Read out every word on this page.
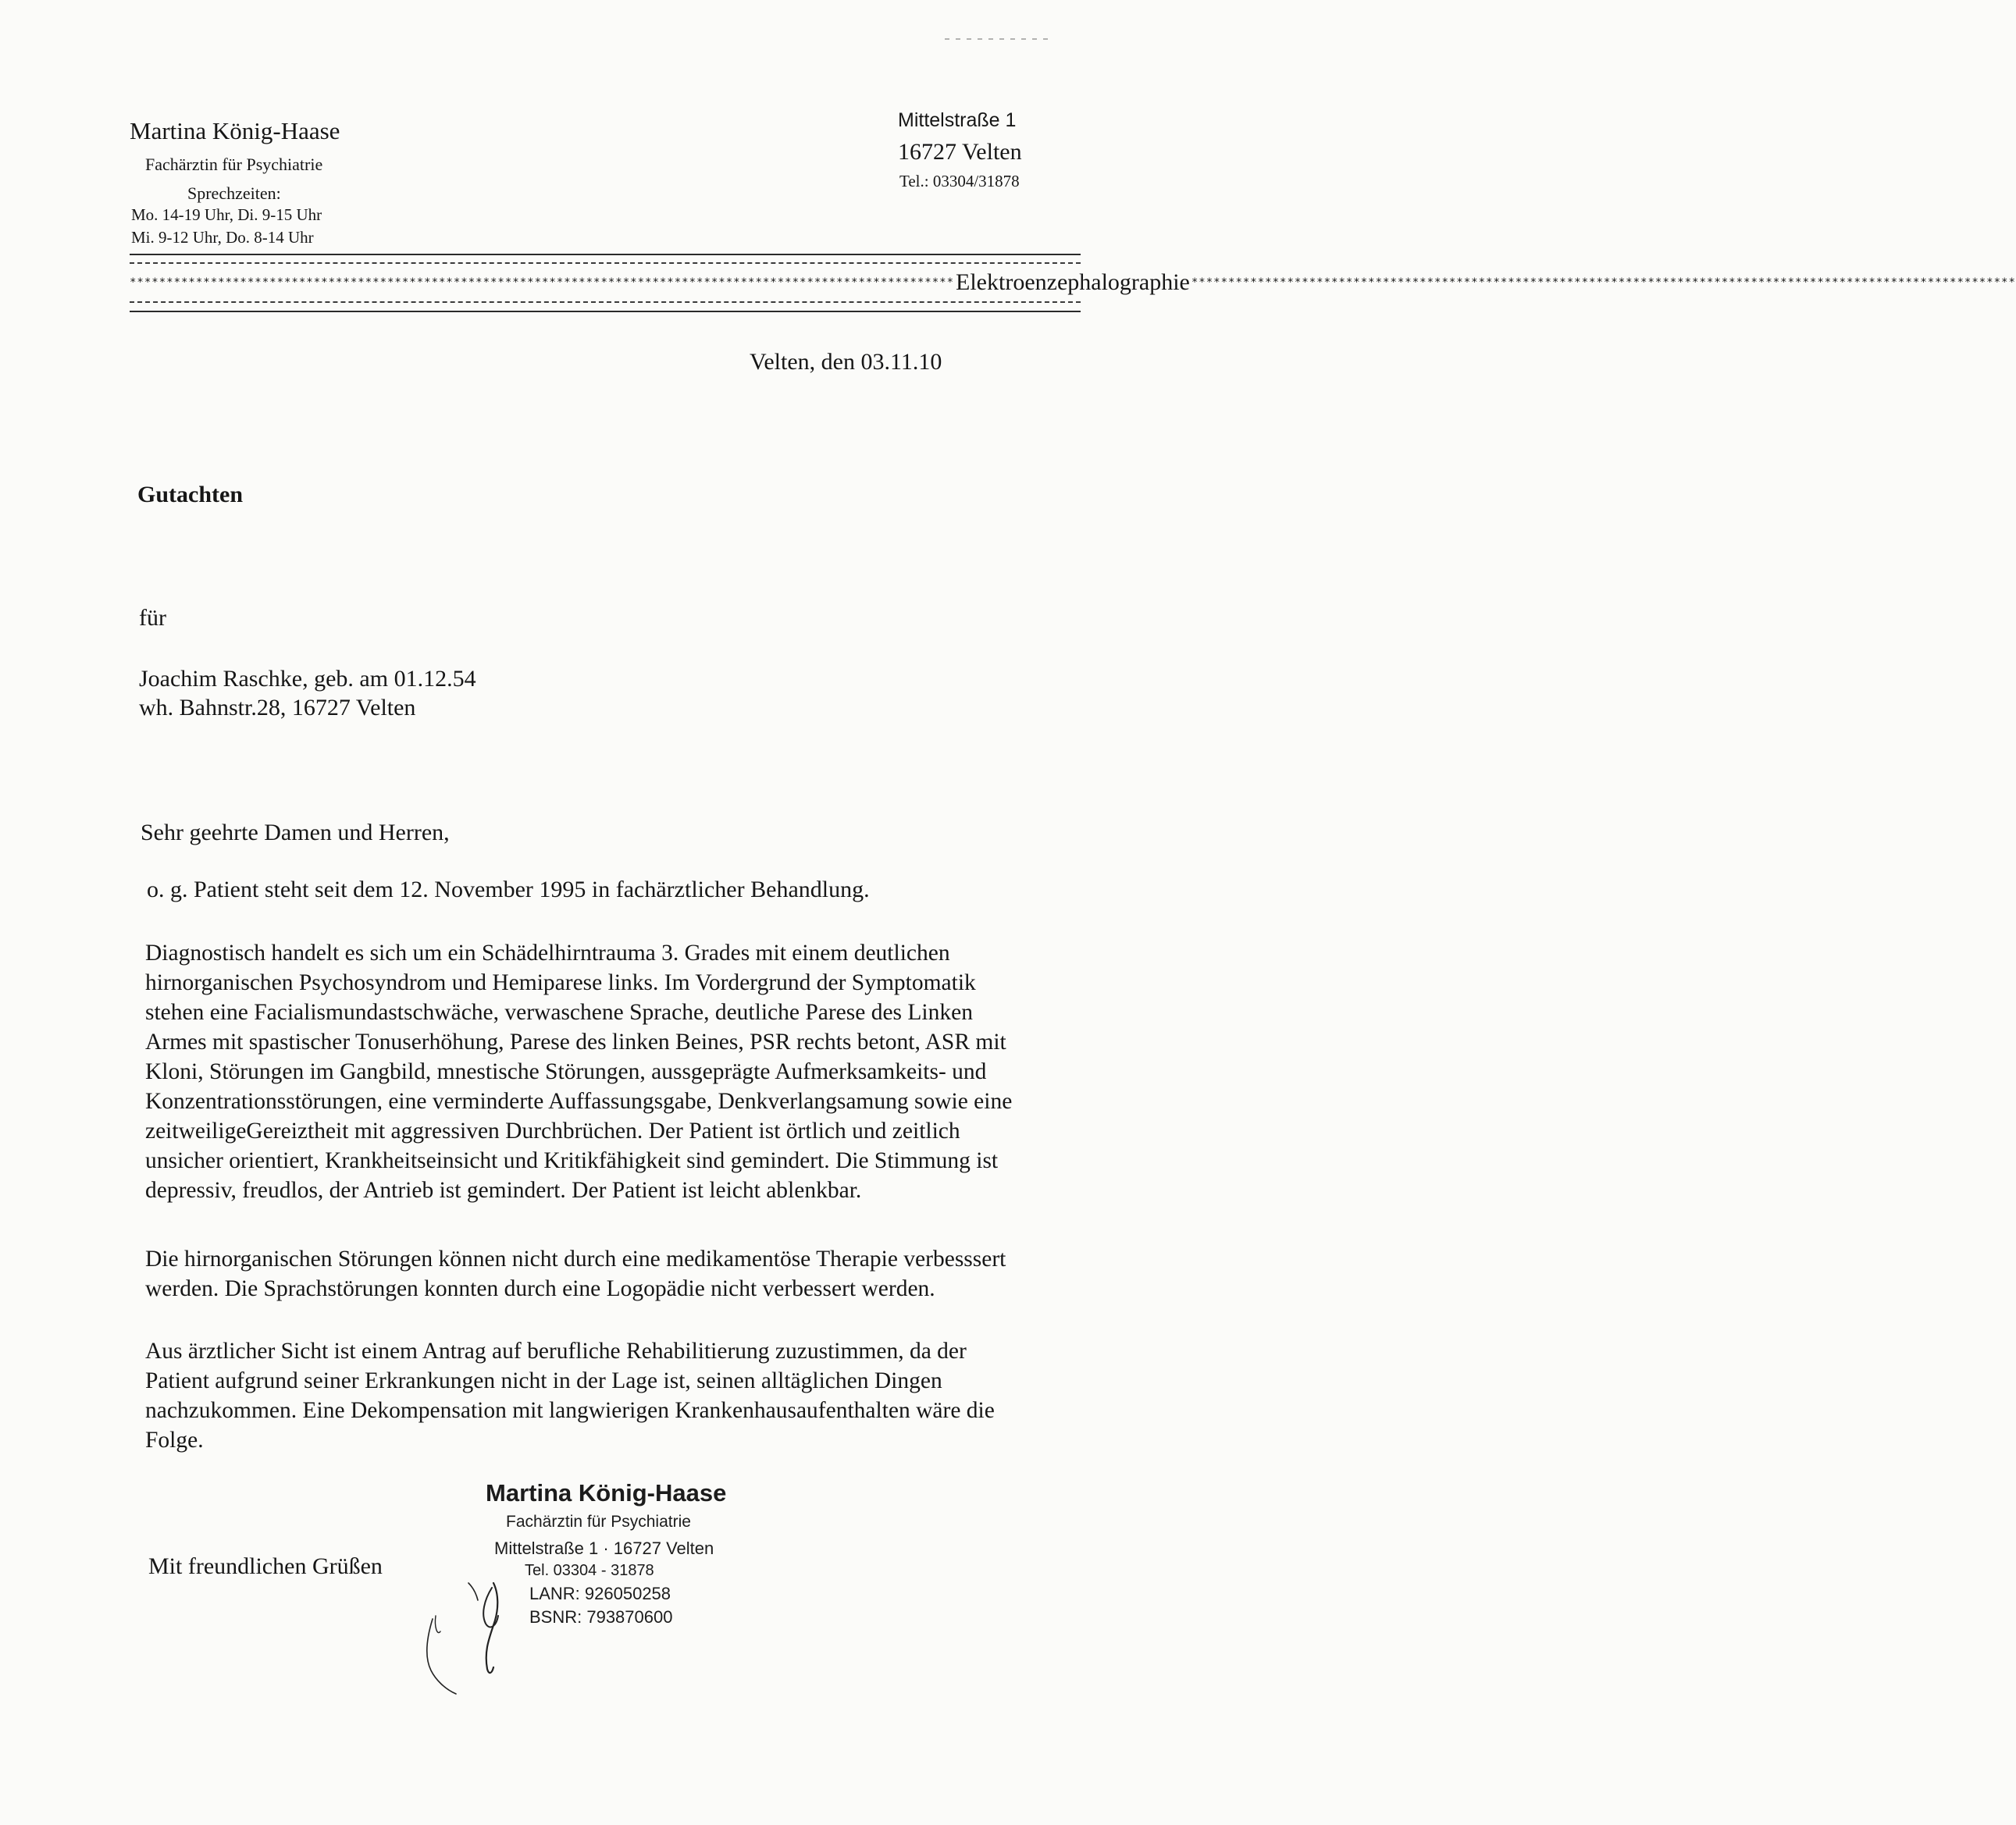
Martina König-Haase
Fachärztin für Psychiatrie
Sprechzeiten:
Mo. 14-19 Uhr, Di. 9-15 Uhr
Mi. 9-12 Uhr, Do. 8-14 Uhr
Mittelstraße 1
16727 Velten
Tel.: 03304/31878
**************************************************************************************************************** Elektroenzephalographie ****************************************************************************************************************
Velten, den 03.11.10
Gutachten
für
Joachim Raschke, geb. am 01.12.54
wh. Bahnstr.28, 16727 Velten
Sehr geehrte Damen und Herren,
o. g. Patient steht seit dem 12. November 1995 in fachärztlicher Behandlung.
Diagnostisch handelt es sich um ein Schädelhirntrauma 3. Grades mit einem deutlichen
hirnorganischen Psychosyndrom und Hemiparese links. Im Vordergrund der Symptomatik
stehen eine Facialismundastschwäche, verwaschene Sprache, deutliche Parese des Linken
Armes mit spastischer Tonuserhöhung, Parese des linken Beines, PSR rechts betont, ASR mit
Kloni, Störungen im Gangbild, mnestische Störungen, aussgeprägte Aufmerksamkeits- und
Konzentrationsstörungen, eine verminderte Auffassungsgabe, Denkverlangsamung sowie eine
zeitweiligeGereiztheit mit aggressiven Durchbrüchen. Der Patient ist örtlich und zeitlich
unsicher orientiert, Krankheitseinsicht und Kritikfähigkeit sind gemindert. Die Stimmung ist
depressiv, freudlos, der Antrieb ist gemindert. Der Patient ist leicht ablenkbar.
Die hirnorganischen Störungen können nicht durch eine medikamentöse Therapie verbesssert
werden. Die Sprachstörungen konnten durch eine Logopädie nicht verbessert werden.
Aus ärztlicher Sicht ist einem Antrag auf berufliche Rehabilitierung zuzustimmen, da der
Patient aufgrund seiner Erkrankungen nicht in der Lage ist, seinen alltäglichen Dingen
nachzukommen. Eine Dekompensation mit langwierigen Krankenhausaufenthalten wäre die
Folge.
Mit freundlichen Grüßen
Martina König-Haase
Fachärztin für Psychiatrie
Mittelstraße 1 · 16727 Velten
Tel. 03304 - 31878
LANR: 926050258
BSNR: 793870600
